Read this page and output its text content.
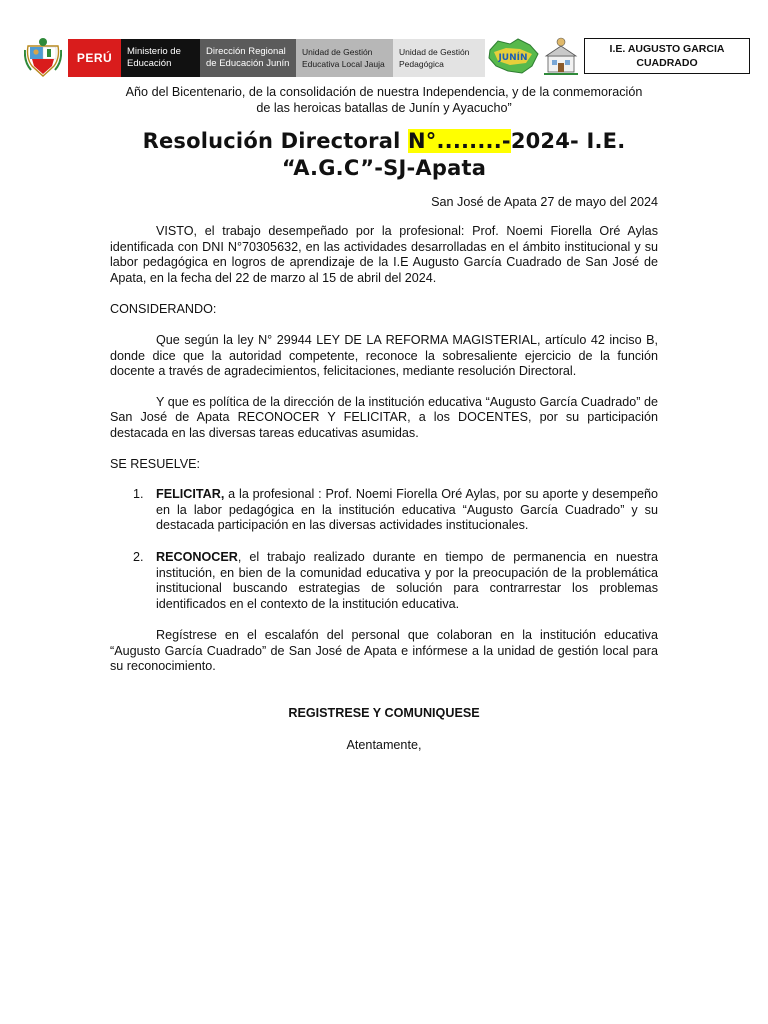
PERÚ Ministerio de
Educación
Dirección Regional
de Educación Junín
Unidad de Gestión
Educativa Local Jauja
Unidad de Gestión
Pedagógica
JUNÍN
I.E. AUGUSTO GARCIA
CUADRADO

Año del Bicentenario, de la consolidación de nuestra Independencia, y de la conmemoración
de las heroicas batallas de Junín y Ayacucho”

Resolución Directoral N°........-2024- I.E. “A.G.C”-SJ-Apata

San José de Apata 27 de mayo del 2024

VISTO, el trabajo desempeñado por la profesional: Prof. Noemi Fiorella Oré Aylas identificada con DNI N°70305632, en las actividades desarrolladas en el ámbito institucional y su labor pedagógica en logros de aprendizaje de la I.E Augusto García Cuadrado de San José de Apata, en la fecha del 22 de marzo al 15 de abril del 2024.

CONSIDERANDO:

Que según la ley N° 29944 LEY DE LA REFORMA MAGISTERIAL, artículo 42 inciso B, donde dice que la autoridad competente, reconoce la sobresaliente ejercicio de la función docente a través de agradecimientos, felicitaciones, mediante resolución Directoral.

Y que es política de la dirección de la institución educativa “Augusto García Cuadrado” de San José de Apata RECONOCER Y FELICITAR, a los DOCENTES, por su participación destacada en las diversas tareas educativas asumidas.

SE RESUELVE:

1. FELICITAR, a la profesional : Prof. Noemi Fiorella Oré Aylas, por su aporte y desempeño en la labor pedagógica en la institución educativa “Augusto García Cuadrado” y su destacada participación en las diversas actividades institucionales.
2. RECONOCER, el trabajo realizado durante en tiempo de permanencia en nuestra institución, en bien de la comunidad educativa y por la preocupación de la problemática institucional buscando estrategias de solución para contrarrestar los problemas identificados en el contexto de la institución educativa.

Regístrese en el escalafón del personal que colaboran en la institución educativa “Augusto García Cuadrado” de San José de Apata e infórmese a la unidad de gestión local para su reconocimiento.

REGISTRESE Y COMUNIQUESE

Atentamente,
